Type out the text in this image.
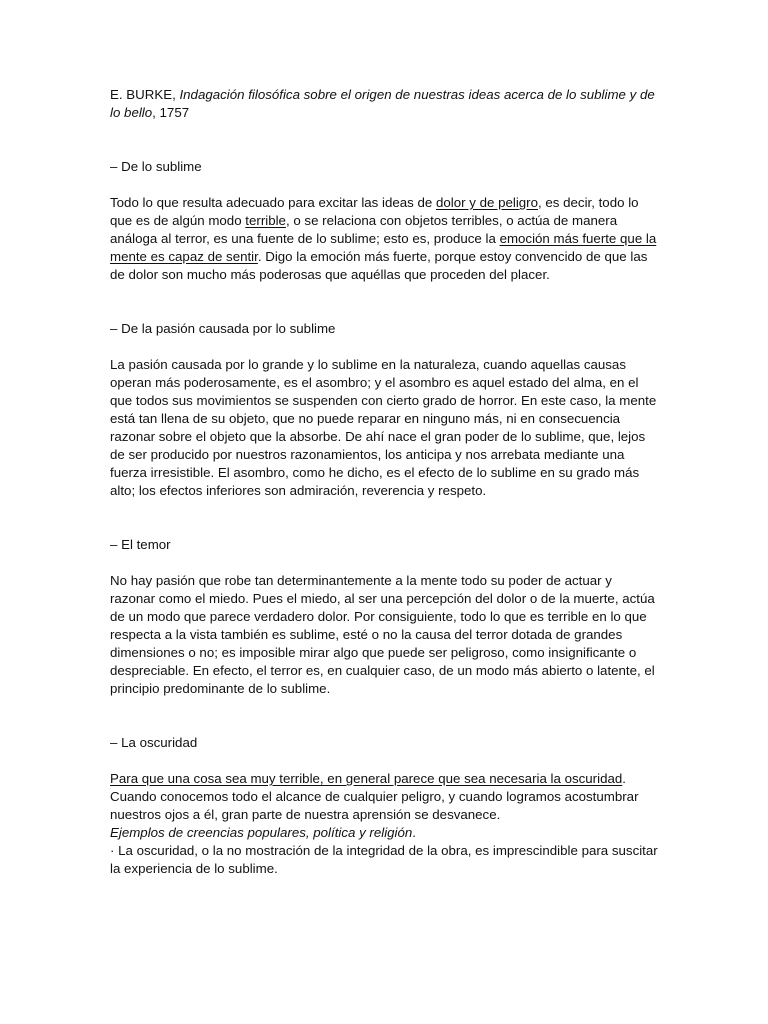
E. BURKE, Indagación filosófica sobre el origen de nuestras ideas acerca de lo sublime y de lo bello, 1757

– De lo sublime

Todo lo que resulta adecuado para excitar las ideas de dolor y de peligro, es decir, todo lo que es de algún modo terrible, o se relaciona con objetos terribles, o actúa de manera análoga al terror, es una fuente de lo sublime; esto es, produce la emoción más fuerte que la mente es capaz de sentir. Digo la emoción más fuerte, porque estoy convencido de que las de dolor son mucho más poderosas que aquéllas que proceden del placer.

– De la pasión causada por lo sublime

La pasión causada por lo grande y lo sublime en la naturaleza, cuando aquellas causas operan más poderosamente, es el asombro; y el asombro es aquel estado del alma, en el que todos sus movimientos se suspenden con cierto grado de horror. En este caso, la mente está tan llena de su objeto, que no puede reparar en ninguno más, ni en consecuencia razonar sobre el objeto que la absorbe. De ahí nace el gran poder de lo sublime, que, lejos de ser producido por nuestros razonamientos, los anticipa y nos arrebata mediante una fuerza irresistible. El asombro, como he dicho, es el efecto de lo sublime en su grado más alto; los efectos inferiores son admiración, reverencia y respeto.

– El temor

No hay pasión que robe tan determinantemente a la mente todo su poder de actuar y razonar como el miedo. Pues el miedo, al ser una percepción del dolor o de la muerte, actúa de un modo que parece verdadero dolor. Por consiguiente, todo lo que es terrible en lo que respecta a la vista también es sublime, esté o no la causa del terror dotada de grandes dimensiones o no; es imposible mirar algo que puede ser peligroso, como insignificante o despreciable. En efecto, el terror es, en cualquier caso, de un modo más abierto o latente, el principio predominante de lo sublime.

– La oscuridad

Para que una cosa sea muy terrible, en general parece que sea necesaria la oscuridad. Cuando conocemos todo el alcance de cualquier peligro, y cuando logramos acostumbrar nuestros ojos a él, gran parte de nuestra aprensión se desvanece.

Ejemplos de creencias populares, política y religión.

· La oscuridad, o la no mostración de la integridad de la obra, es imprescindible para suscitar la experiencia de lo sublime.
